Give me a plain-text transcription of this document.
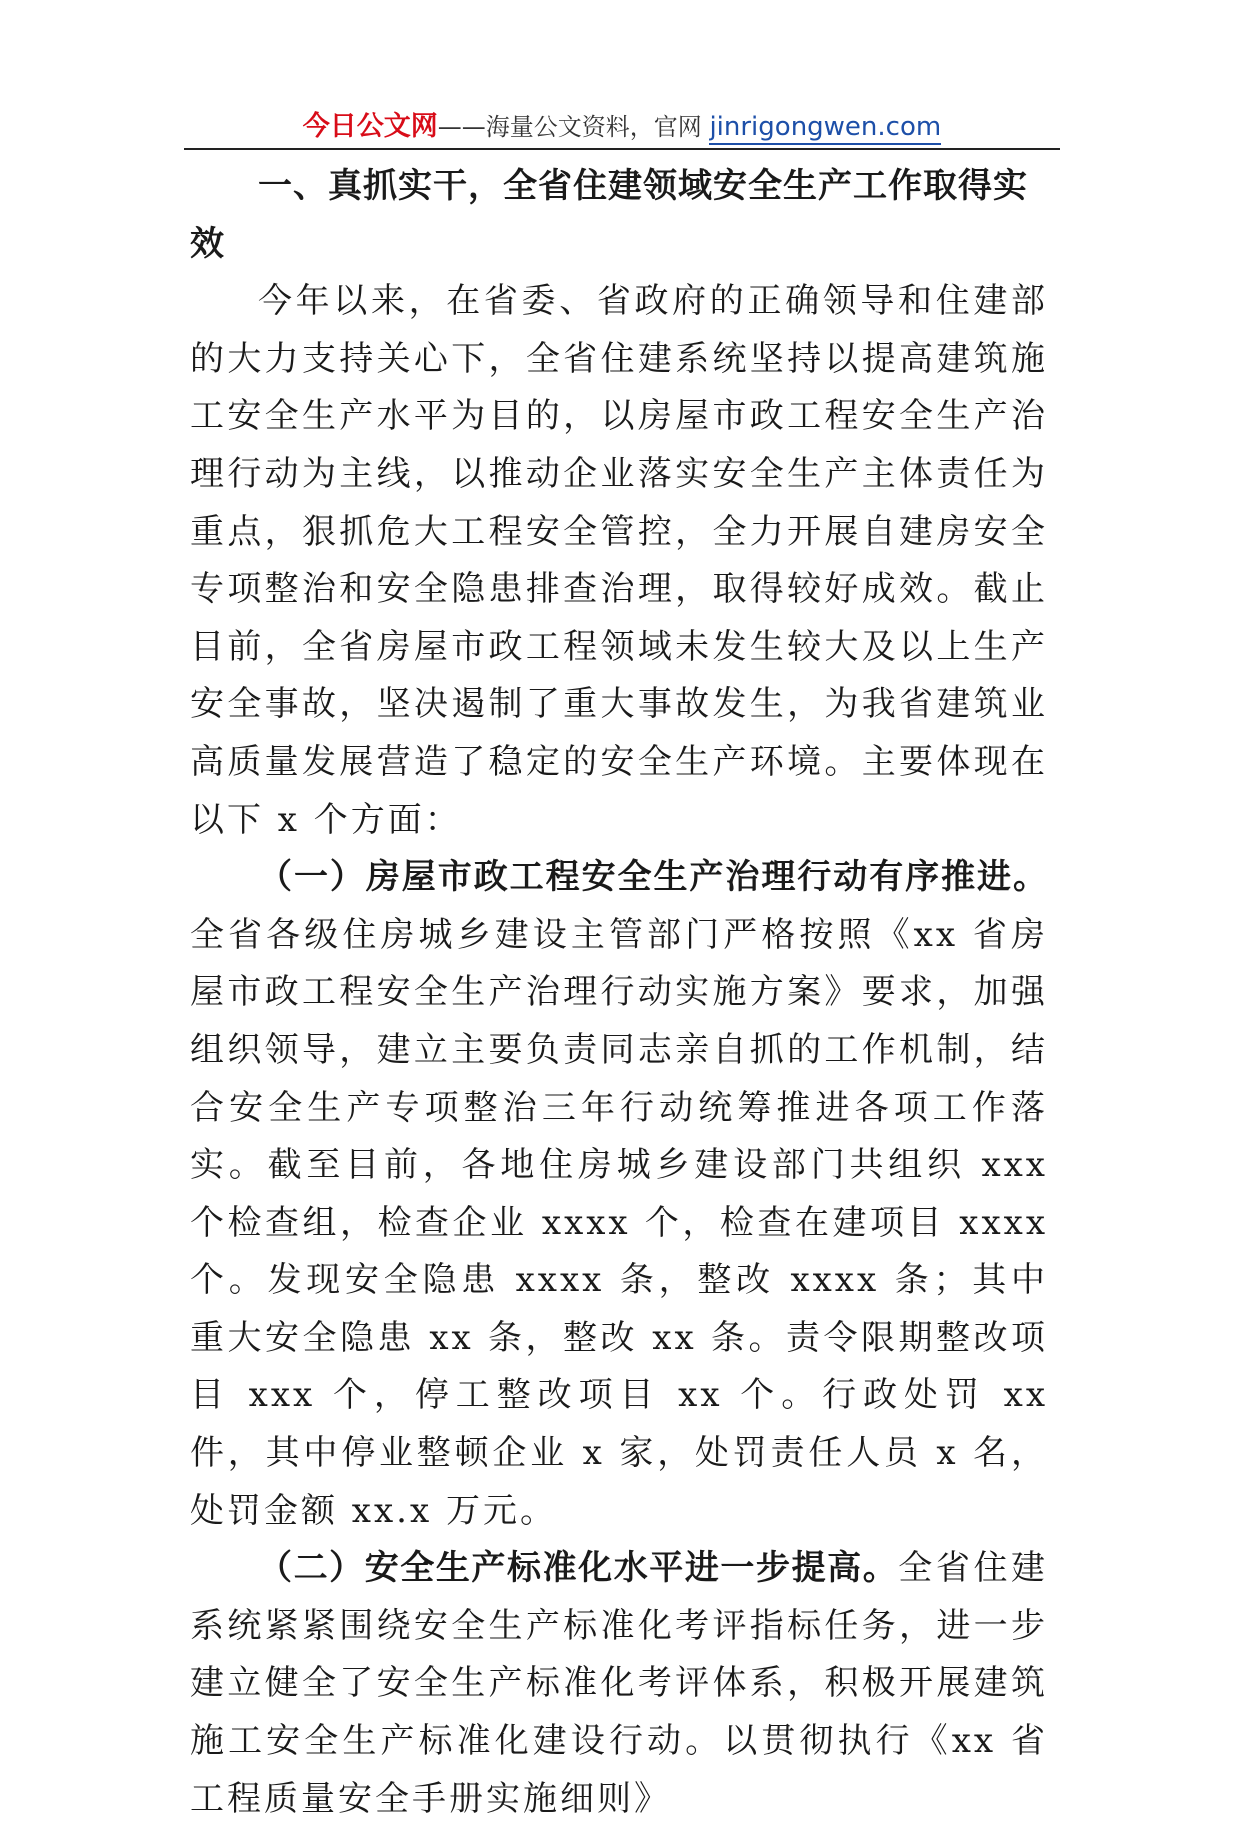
今日公文网——海量公文资料，官网 jinrigongwen.com
一、真抓实干，全省住建领域安全生产工作取得实效

今年以来，在省委、省政府的正确领导和住建部的大力支持关心下，全省住建系统坚持以提高建筑施工安全生产水平为目的，以房屋市政工程安全生产治理行动为主线，以推动企业落实安全生产主体责任为重点，狠抓危大工程安全管控，全力开展自建房安全专项整治和安全隐患排查治理，取得较好成效。截止目前，全省房屋市政工程领域未发生较大及以上生产安全事故，坚决遏制了重大事故发生，为我省建筑业高质量发展营造了稳定的安全生产环境。主要体现在以下 x 个方面：

（一）房屋市政工程安全生产治理行动有序推进。全省各级住房城乡建设主管部门严格按照《xx 省房屋市政工程安全生产治理行动实施方案》要求，加强组织领导，建立主要负责同志亲自抓的工作机制，结合安全生产专项整治三年行动统筹推进各项工作落实。截至目前，各地住房城乡建设部门共组织 xxx 个检查组，检查企业 xxxx 个，检查在建项目 xxxx 个。发现安全隐患 xxxx 条，整改 xxxx 条；其中重大安全隐患 xx 条，整改 xx 条。责令限期整改项目 xxx 个，停工整改项目 xx 个。行政处罚 xx 件，其中停业整顿企业 x 家，处罚责任人员 x 名，处罚金额 xx.x 万元。

（二）安全生产标准化水平进一步提高。全省住建系统紧紧围绕安全生产标准化考评指标任务，进一步建立健全了安全生产标准化考评体系，积极开展建筑施工安全生产标准化建设行动。以贯彻执行《xx 省工程质量安全手册实施细则》
